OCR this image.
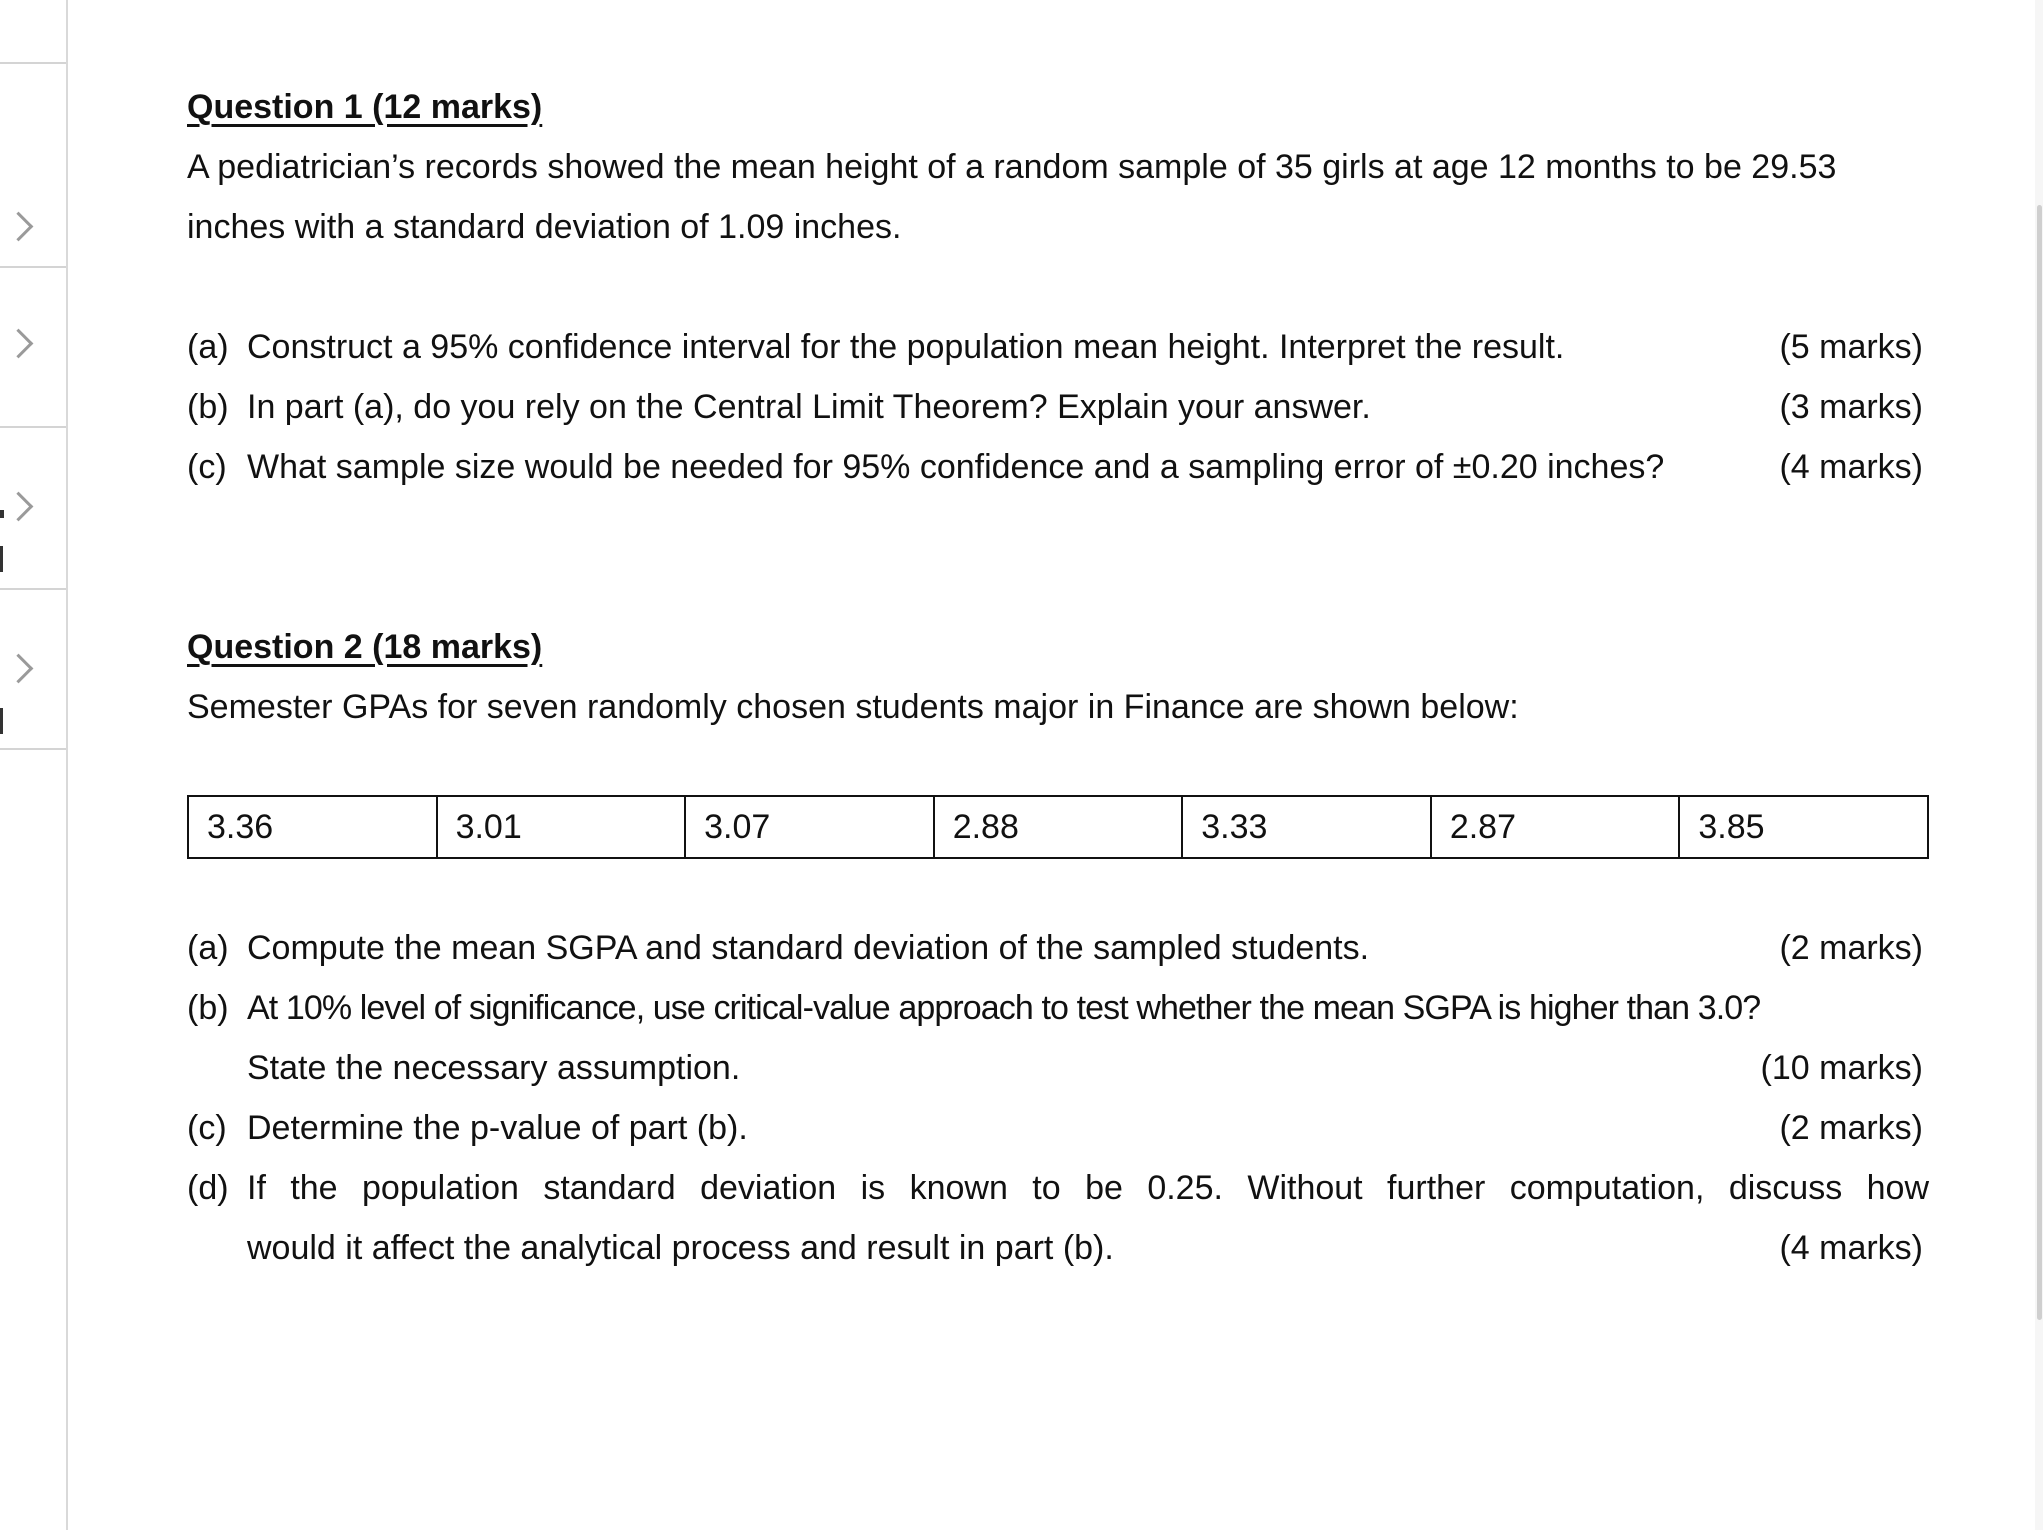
Question 1 (12 marks)
A pediatrician’s records showed the mean height of a random sample of 35 girls at age 12 months to be 29.53
inches with a standard deviation of 1.09 inches.
(a) Construct a 95% confidence interval for the population mean height. Interpret the result.	(5 marks)
(b) In part (a), do you rely on the Central Limit Theorem? Explain your answer.	(3 marks)
(c) What sample size would be needed for 95% confidence and a sampling error of ±0.20 inches?	(4 marks)
Question 2 (18 marks)
Semester GPAs for seven randomly chosen students major in Finance are shown below:
3.36	3.01	3.07	2.88	3.33	2.87	3.85
(a) Compute the mean SGPA and standard deviation of the sampled students.	(2 marks)
(b) At 10% level of significance, use critical-value approach to test whether the mean SGPA is higher than 3.0?
State the necessary assumption.	(10 marks)
(c) Determine the p-value of part (b).	(2 marks)
(d) If the population standard deviation is known to be 0.25. Without further computation, discuss how
would it affect the analytical process and result in part (b).	(4 marks)
